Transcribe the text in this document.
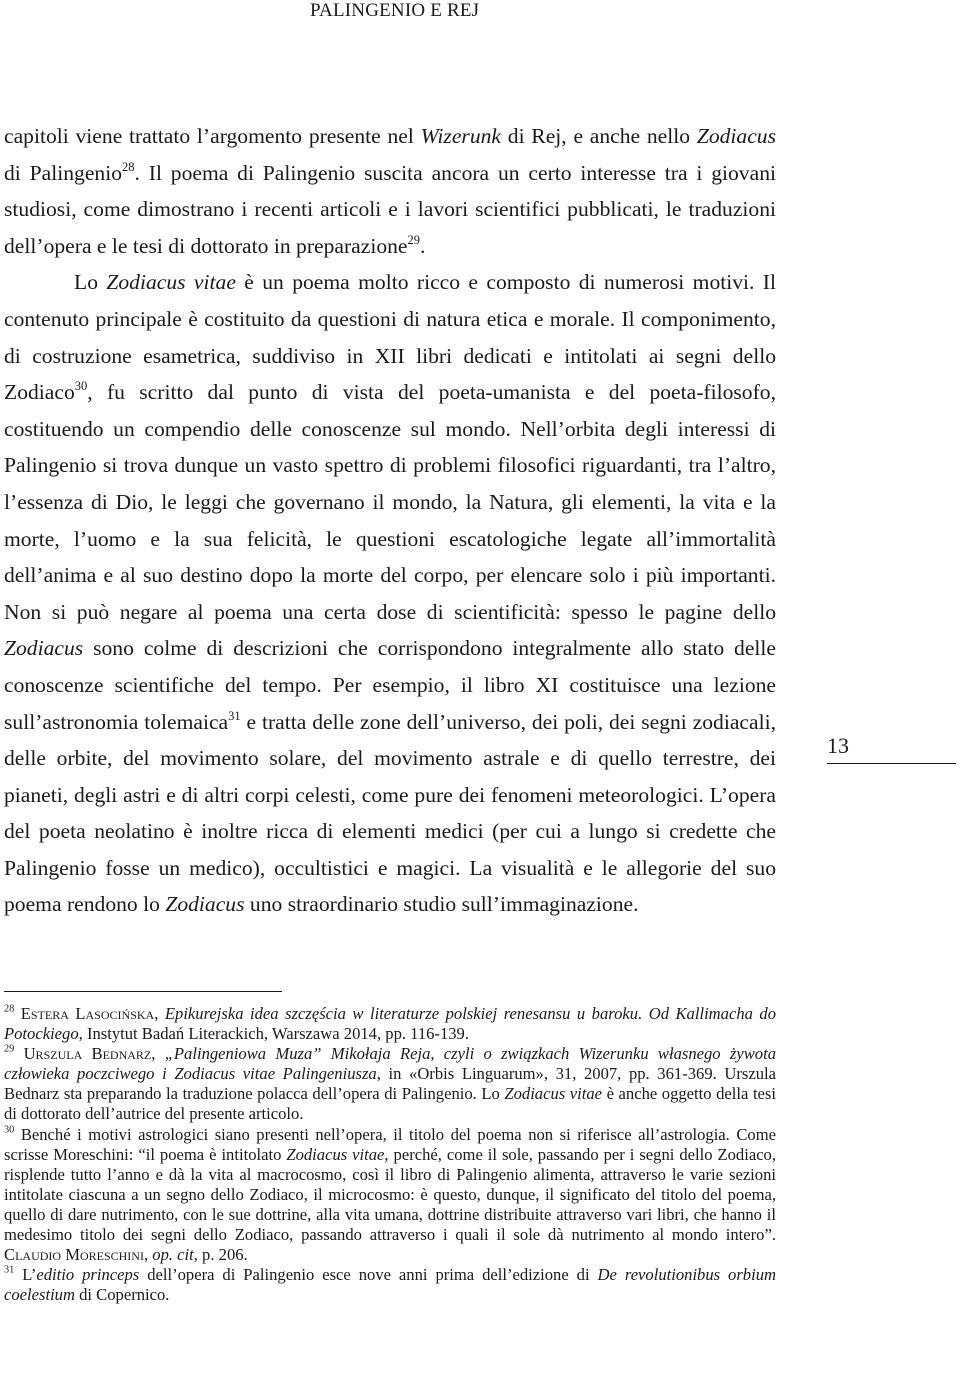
PALINGENIO E REJ

capitoli viene trattato l’argomento presente nel Wizerunk di Rej, e anche nello Zodiacus di Palingenio$^{28}$. Il poema di Palingenio suscita ancora un certo interesse tra i giovani studiosi, come dimostrano i recenti articoli e i lavori scientifici pubblicati, le traduzioni dell’opera e le tesi di dottorato in preparazione$^{29}$.

Lo Zodiacus vitae è un poema molto ricco e composto di numerosi motivi. Il contenuto principale è costituito da questioni di natura etica e morale. Il componimento, di costruzione esametrica, suddiviso in XII libri dedicati e intitolati ai segni dello Zodiaco$^{30}$, fu scritto dal punto di vista del poeta-umanista e del poeta-filosofo, costituendo un compendio delle conoscenze sul mondo. Nell’orbita degli interessi di Palingenio si trova dunque un vasto spettro di problemi filosofici riguardanti, tra l’altro, l’essenza di Dio, le leggi che governano il mondo, la Natura, gli elementi, la vita e la morte, l’uomo e la sua felicità, le questioni escatologiche legate all’immortalità dell’anima e al suo destino dopo la morte del corpo, per elencare solo i più importanti. Non si può negare al poema una certa dose di scientificità: spesso le pagine dello Zodiacus sono colme di descrizioni che corrispondono integralmente allo stato delle conoscenze scientifiche del tempo. Per esempio, il libro XI costituisce una lezione sull’astronomia tolemaica$^{31}$ e tratta delle zone dell’universo, dei poli, dei segni zodiacali, delle orbite, del movimento solare, del movimento astrale e di quello terrestre, dei pianeti, degli astri e di altri corpi celesti, come pure dei fenomeni meteorologici. L’opera del poeta neolatino è inoltre ricca di elementi medici (per cui a lungo si credette che Palingenio fosse un medico), occultistici e magici. La visualità e le allegorie del suo poema rendono lo Zodiacus uno straordinario studio sull’immaginazione.

13

$^{28}$ Estera Lasocińska, Epikurejska idea szczęścia w literaturze polskiej renesansu u baroku. Od Kallimacha do Potockiego, Instytut Badań Literackich, Warszawa 2014, pp. 116-139.

$^{29}$ Urszula Bednarz, „Palingeniowa Muza” Mikołaja Reja, czyli o związkach Wizerunku własnego żywota człowieka poczciwego i Zodiacus vitae Palingeniusza, in «Orbis Linguarum», 31, 2007, pp. 361-369. Urszula Bednarz sta preparando la traduzione polacca dell’opera di Palingenio. Lo Zodiacus vitae è anche oggetto della tesi di dottorato dell’autrice del presente articolo.

$^{30}$ Benché i motivi astrologici siano presenti nell’opera, il titolo del poema non si riferisce all’astrologia. Come scrisse Moreschini: “il poema è intitolato Zodiacus vitae, perché, come il sole, passando per i segni dello Zodiaco, risplende tutto l’anno e dà la vita al macrocosmo, così il libro di Palingenio alimenta, attraverso le varie sezioni intitolate ciascuna a un segno dello Zodiaco, il microcosmo: è questo, dunque, il significato del titolo del poema, quello di dare nutrimento, con le sue dottrine, alla vita umana, dottrine distribuite attraverso vari libri, che hanno il medesimo titolo dei segni dello Zodiaco, passando attraverso i quali il sole dà nutrimento al mondo intero”. Claudio Moreschini, op. cit, p. 206.

$^{31}$ L’editio princeps dell’opera di Palingenio esce nove anni prima dell’edizione di De revolutionibus orbium coelestium di Copernico.
